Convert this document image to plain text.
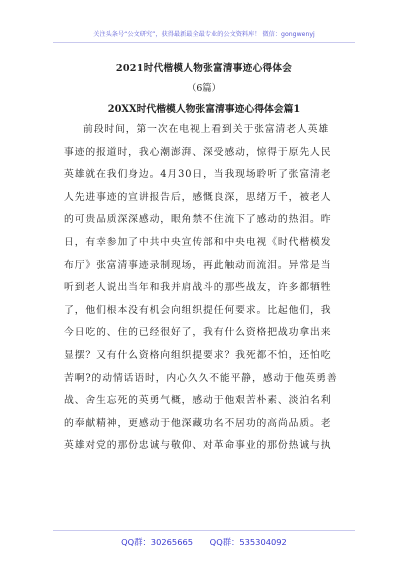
关注头条号“公文研究”，获得最新最全最专业的公文资料库！ 微信：gongwenyj
2021时代楷模人物张富清事迹心得体会
（6篇）
20XX时代楷模人物张富清事迹心得体会篇1
前段时间，第一次在电视上看到关于张富清老人英雄
事迹的报道时，我心潮澎湃、深受感动，惊得于原先人民
英雄就在我们身边。4月30日，当我现场聆听了张富清老
人先进事迹的宣讲报告后，感慨良深，思绪万千，被老人
的可贵品质深深感动，眼角禁不住流下了感动的热泪。昨
日，有幸参加了中共中央宣传部和中央电视《时代楷模发
布厅》张富清事迹录制现场，再此触动而流泪。异常是当
听到老人说出当年和我并肩战斗的那些战友，许多都牺牲
了，他们根本没有机会向组织提任何要求。比起他们，我
今日吃的、住的已经很好了，我有什么资格把战功拿出来
显摆？又有什么资格向组织提要求？我死都不怕，还怕吃
苦啊?的动情话语时，内心久久不能平静，感动于他英勇善
战、舍生忘死的英勇气概，感动于他艰苦朴素、淡泊名利
的奉献精神，更感动于他深藏功名不居功的高尚品质。老
英雄对党的那份忠诚与敬仰、对革命事业的那份热诚与执
QQ群：30265665 QQ群：535304092
